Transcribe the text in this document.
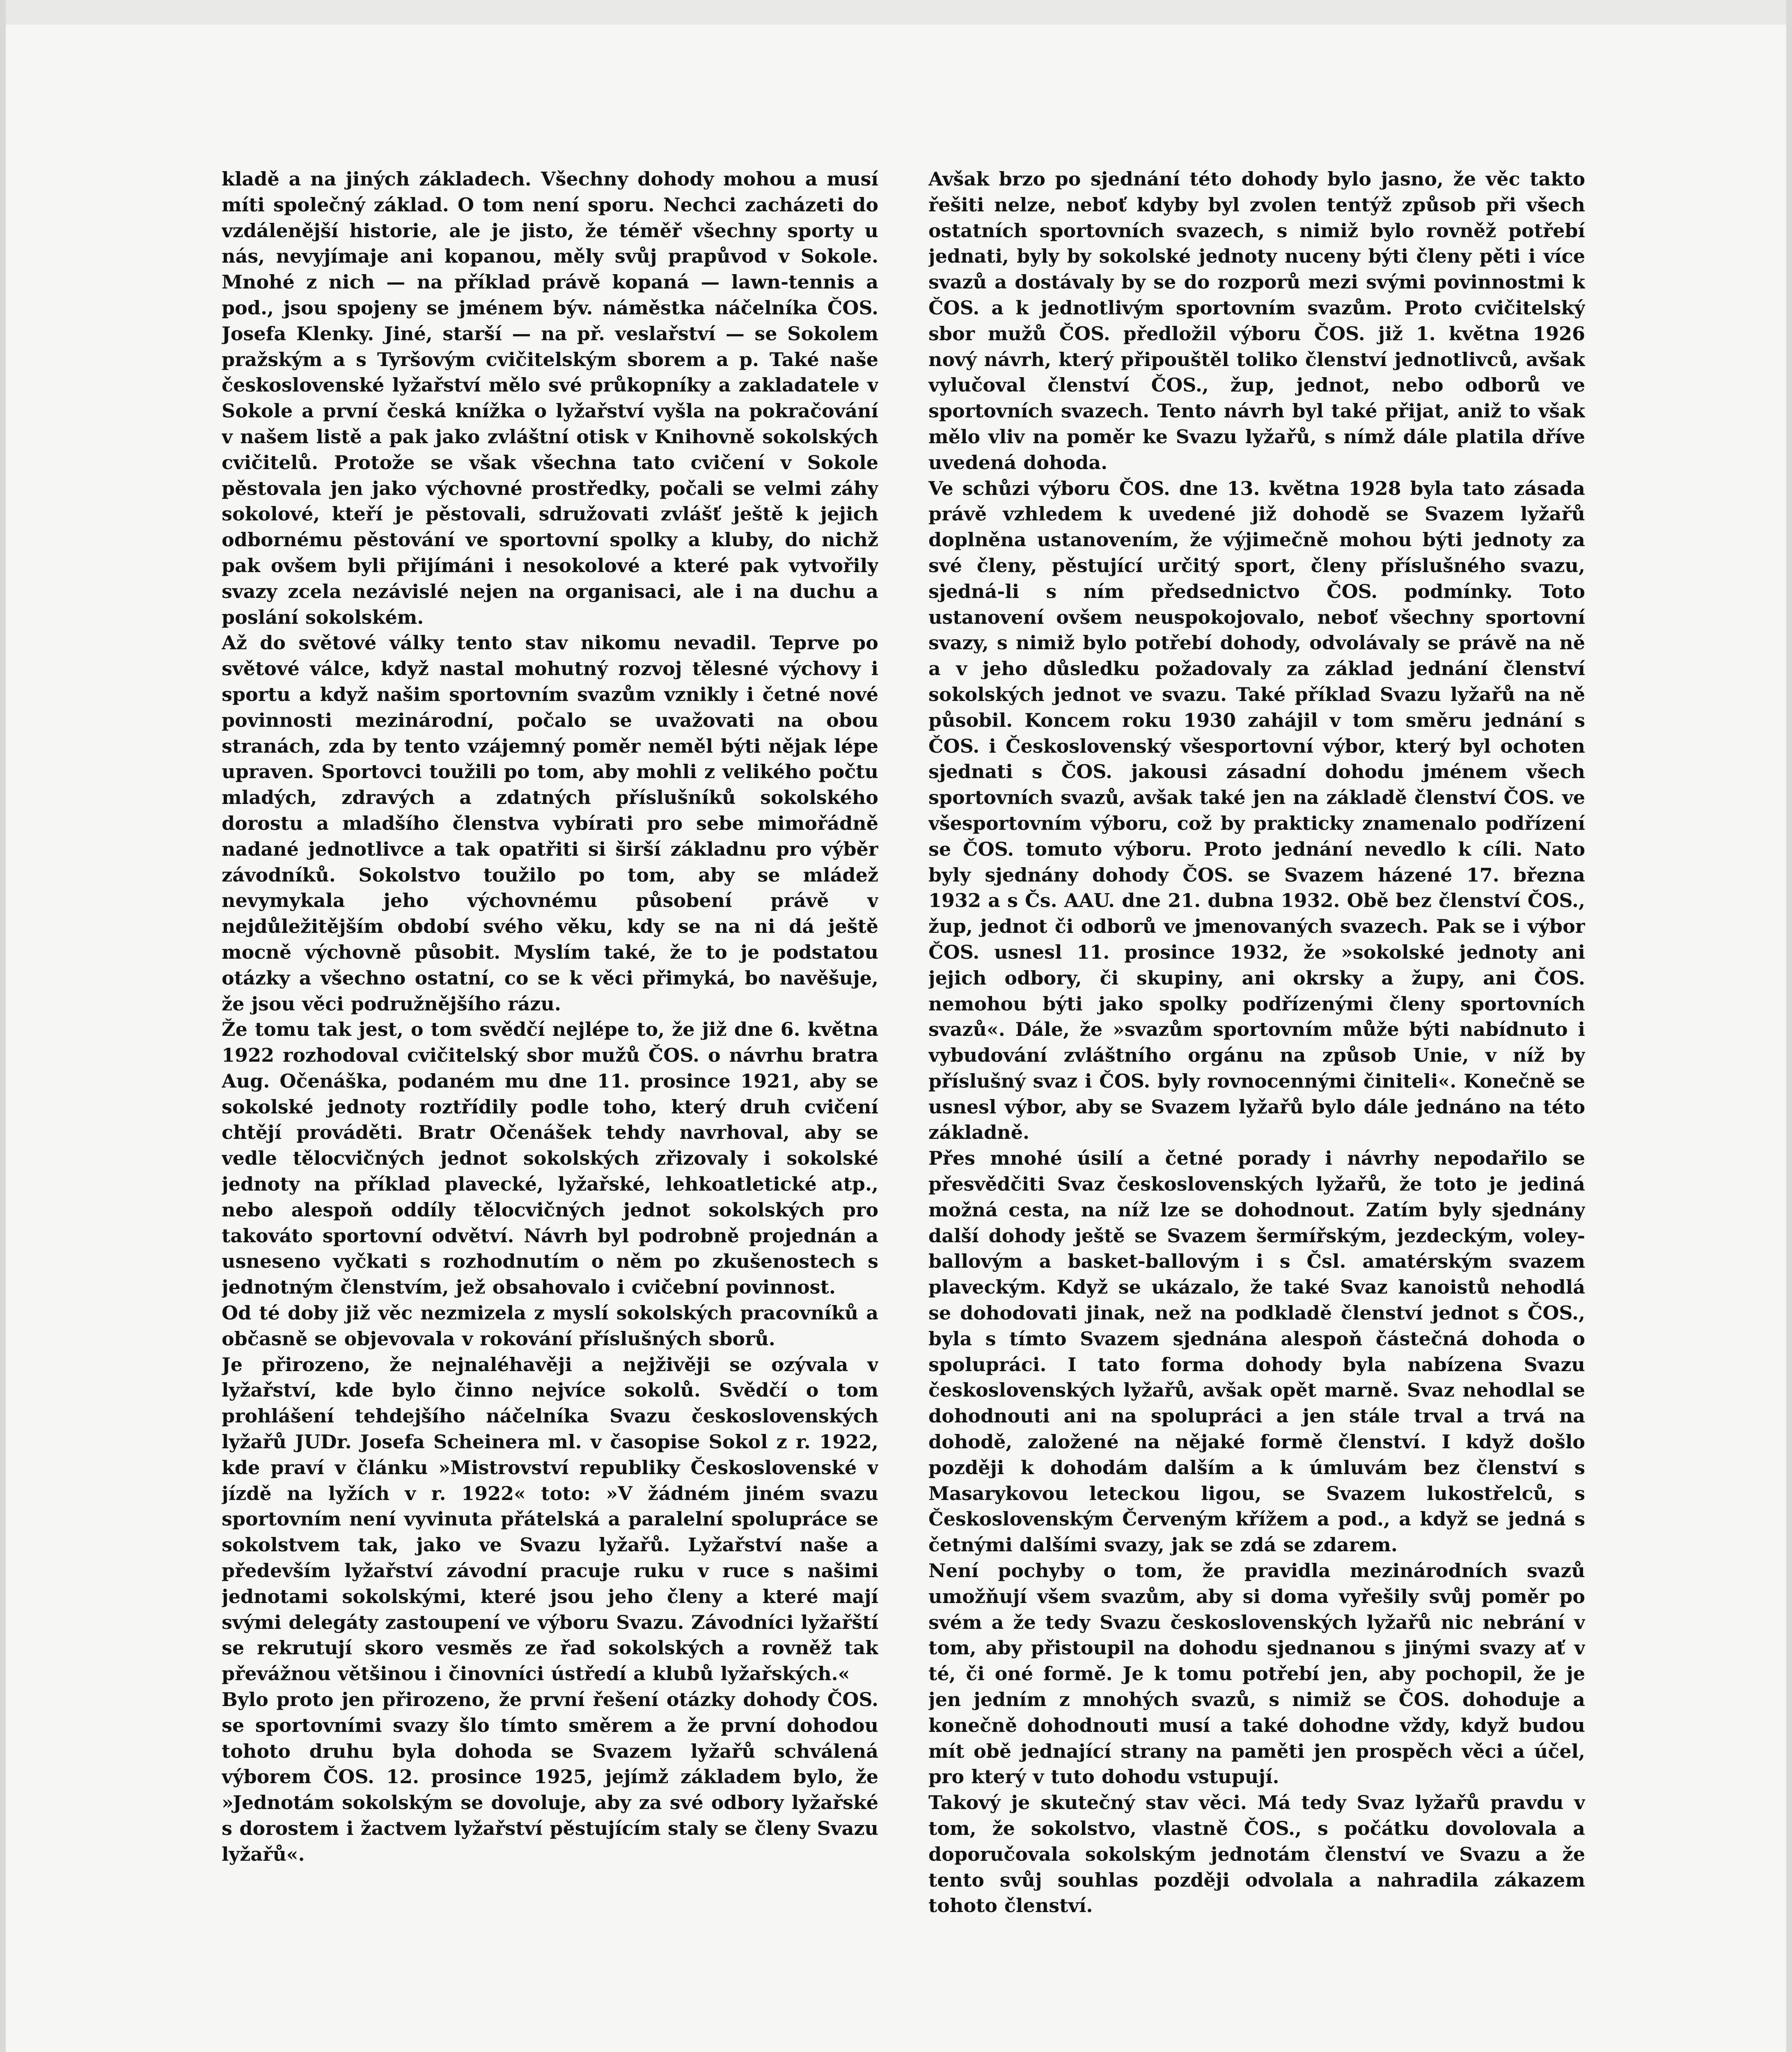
kladě a na jiných základech. Všechny dohody mohou a musí míti společný základ. O tom není sporu. Nechci zacházeti do vzdálenější historie, ale je jisto, že téměř všechny sporty u nás, nevyjímaje ani kopanou, měly svůj prapůvod v Sokole. Mnohé z nich — na příklad právě kopaná — lawn-tennis a pod., jsou spojeny se jménem býv. náměstka náčelníka ČOS. Josefa Klenky. Jiné, starší — na př. veslařství — se Sokolem pražským a s Tyršovým cvičitelským sborem a p. Také naše československé lyžařství mělo své průkopníky a zakladatele v Sokole a první česká knížka o lyžařství vyšla na pokračování v našem listě a pak jako zvláštní otisk v Knihovně sokolských cvičitelů. Protože se však všechna tato cvičení v Sokole pěstovala jen jako výchovné prostředky, počali se velmi záhy sokolové, kteří je pěstovali, sdružovati zvlášť ještě k jejich odbornému pěstování ve sportovní spolky a kluby, do nichž pak ovšem byli přijímáni i nesokolové a které pak vytvořily svazy zcela nezávislé nejen na organisaci, ale i na duchu a poslání sokolském.

Až do světové války tento stav nikomu nevadil. Teprve po světové válce, když nastal mohutný rozvoj tělesné výchovy i sportu a když našim sportovním svazům vznikly i četné nové povinnosti mezinárodní, počalo se uvažovati na obou stranách, zda by tento vzájemný poměr neměl býti nějak lépe upraven. Sportovci toužili po tom, aby mohli z velikého počtu mladých, zdravých a zdatných příslušníků sokolského dorostu a mladšího členstva vybírati pro sebe mimořádně nadané jednotlivce a tak opatřiti si širší základnu pro výběr závodníků. Sokolstvo toužilo po tom, aby se mládež nevymykala jeho výchovnému působení právě v nejdůležitějším období svého věku, kdy se na ni dá ještě mocně výchovně působit. Myslím také, že to je podstatou otázky a všechno ostatní, co se k věci přimyká, bo navěšuje, že jsou věci podružnějšího rázu.

Že tomu tak jest, o tom svědčí nejlépe to, že již dne 6. května 1922 rozhodoval cvičitelský sbor mužů ČOS. o návrhu bratra Aug. Očenáška, podaném mu dne 11. prosince 1921, aby se sokolské jednoty roztřídily podle toho, který druh cvičení chtějí prováděti. Bratr Očenášek tehdy navrhoval, aby se vedle tělocvičných jednot sokolských zřizovaly i sokolské jednoty na příklad plavecké, lyžařské, lehkoatletické atp., nebo alespoň oddíly tělocvičných jednot sokolských pro takováto sportovní odvětví. Návrh byl podrobně projednán a usneseno vyčkati s rozhodnutím o něm po zkušenostech s jednotným členstvím, jež obsahovalo i cvičební povinnost.

Od té doby již věc nezmizela z myslí sokolských pracovníků a občasně se objevovala v rokování příslušných sborů.

Je přirozeno, že nejnaléhavěji a nejživěji se ozývala v lyžařství, kde bylo činno nejvíce sokolů. Svědčí o tom prohlášení tehdejšího náčelníka Svazu československých lyžařů JUDr. Josefa Scheinera ml. v časopise Sokol z r. 1922, kde praví v článku »Mistrovství republiky Československé v jízdě na lyžích v r. 1922« toto: »V žádném jiném svazu sportovním není vyvinuta přátelská a paralelní spolupráce se sokolstvem tak, jako ve Svazu lyžařů. Lyžařství naše a především lyžařství závodní pracuje ruku v ruce s našimi jednotami sokolskými, které jsou jeho členy a které mají svými delegáty zastoupení ve výboru Svazu. Závodníci lyžařští se rekrutují skoro vesměs ze řad sokolských a rovněž tak převážnou většinou i činovníci ústředí a klubů lyžařských.«

Bylo proto jen přirozeno, že první řešení otázky dohody ČOS. se sportovními svazy šlo tímto směrem a že první dohodou tohoto druhu byla dohoda se Svazem lyžařů schválená výborem ČOS. 12. prosince 1925, jejímž základem bylo, že »Jednotám sokolským se dovoluje, aby za své odbory lyžařské s dorostem i žactvem lyžařství pěstujícím staly se členy Svazu lyžařů«.

Avšak brzo po sjednání této dohody bylo jasno, že věc takto řešiti nelze, neboť kdyby byl zvolen tentýž způsob při všech ostatních sportovních svazech, s nimiž bylo rovněž potřebí jednati, byly by sokolské jednoty nuceny býti členy pěti i více svazů a dostávaly by se do rozporů mezi svými povinnostmi k ČOS. a k jednotlivým sportovním svazům. Proto cvičitelský sbor mužů ČOS. předložil výboru ČOS. již 1. května 1926 nový návrh, který připouštěl toliko členství jednotlivců, avšak vylučoval členství ČOS., žup, jednot, nebo odborů ve sportovních svazech. Tento návrh byl také přijat, aniž to však mělo vliv na poměr ke Svazu lyžařů, s nímž dále platila dříve uvedená dohoda.

Ve schůzi výboru ČOS. dne 13. května 1928 byla tato zásada právě vzhledem k uvedené již dohodě se Svazem lyžařů doplněna ustanovením, že výjimečně mohou býti jednoty za své členy, pěstující určitý sport, členy příslušného svazu, sjedná-li s ním předsednictvo ČOS. podmínky. Toto ustanovení ovšem neuspokojovalo, neboť všechny sportovní svazy, s nimiž bylo potřebí dohody, odvolávaly se právě na ně a v jeho důsledku požadovaly za základ jednání členství sokolských jednot ve svazu. Také příklad Svazu lyžařů na ně působil. Koncem roku 1930 zahájil v tom směru jednání s ČOS. i Československý všesportovní výbor, který byl ochoten sjednati s ČOS. jakousi zásadní dohodu jménem všech sportovních svazů, avšak také jen na základě členství ČOS. ve všesportovním výboru, což by prakticky znamenalo podřízení se ČOS. tomuto výboru. Proto jednání nevedlo k cíli. Nato byly sjednány dohody ČOS. se Svazem házené 17. března 1932 a s Čs. AAU. dne 21. dubna 1932. Obě bez členství ČOS., žup, jednot či odborů ve jmenovaných svazech. Pak se i výbor ČOS. usnesl 11. prosince 1932, že »sokolské jednoty ani jejich odbory, či skupiny, ani okrsky a župy, ani ČOS. nemohou býti jako spolky podřízenými členy sportovních svazů«. Dále, že »svazům sportovním může býti nabídnuto i vybudování zvláštního orgánu na způsob Unie, v níž by příslušný svaz i ČOS. byly rovnocennými činiteli«. Konečně se usnesl výbor, aby se Svazem lyžařů bylo dále jednáno na této základně.

Přes mnohé úsilí a četné porady i návrhy nepodařilo se přesvědčiti Svaz československých lyžařů, že toto je jediná možná cesta, na níž lze se dohodnout. Zatím byly sjednány další dohody ještě se Svazem šermířským, jezdeckým, voley-ballovým a basket-ballovým i s Čsl. amatérským svazem plaveckým. Když se ukázalo, že také Svaz kanoistů nehodlá se dohodovati jinak, než na podkladě členství jednot s ČOS., byla s tímto Svazem sjednána alespoň částečná dohoda o spolupráci. I tato forma dohody byla nabízena Svazu československých lyžařů, avšak opět marně. Svaz nehodlal se dohodnouti ani na spolupráci a jen stále trval a trvá na dohodě, založené na nějaké formě členství. I když došlo později k dohodám dalším a k úmluvám bez členství s Masarykovou leteckou ligou, se Svazem lukostřelců, s Československým Červeným křížem a pod., a když se jedná s četnými dalšími svazy, jak se zdá se zdarem.

Není pochyby o tom, že pravidla mezinárodních svazů umožňují všem svazům, aby si doma vyřešily svůj poměr po svém a že tedy Svazu československých lyžařů nic nebrání v tom, aby přistoupil na dohodu sjednanou s jinými svazy ať v té, či oné formě. Je k tomu potřebí jen, aby pochopil, že je jen jedním z mnohých svazů, s nimiž se ČOS. dohoduje a konečně dohodnouti musí a také dohodne vždy, když budou mít obě jednající strany na paměti jen prospěch věci a účel, pro který v tuto dohodu vstupují.

Takový je skutečný stav věci. Má tedy Svaz lyžařů pravdu v tom, že sokolstvo, vlastně ČOS., s počátku dovolovala a doporučovala sokolským jednotám členství ve Svazu a že tento svůj souhlas později odvolala a nahradila zákazem tohoto členství.
